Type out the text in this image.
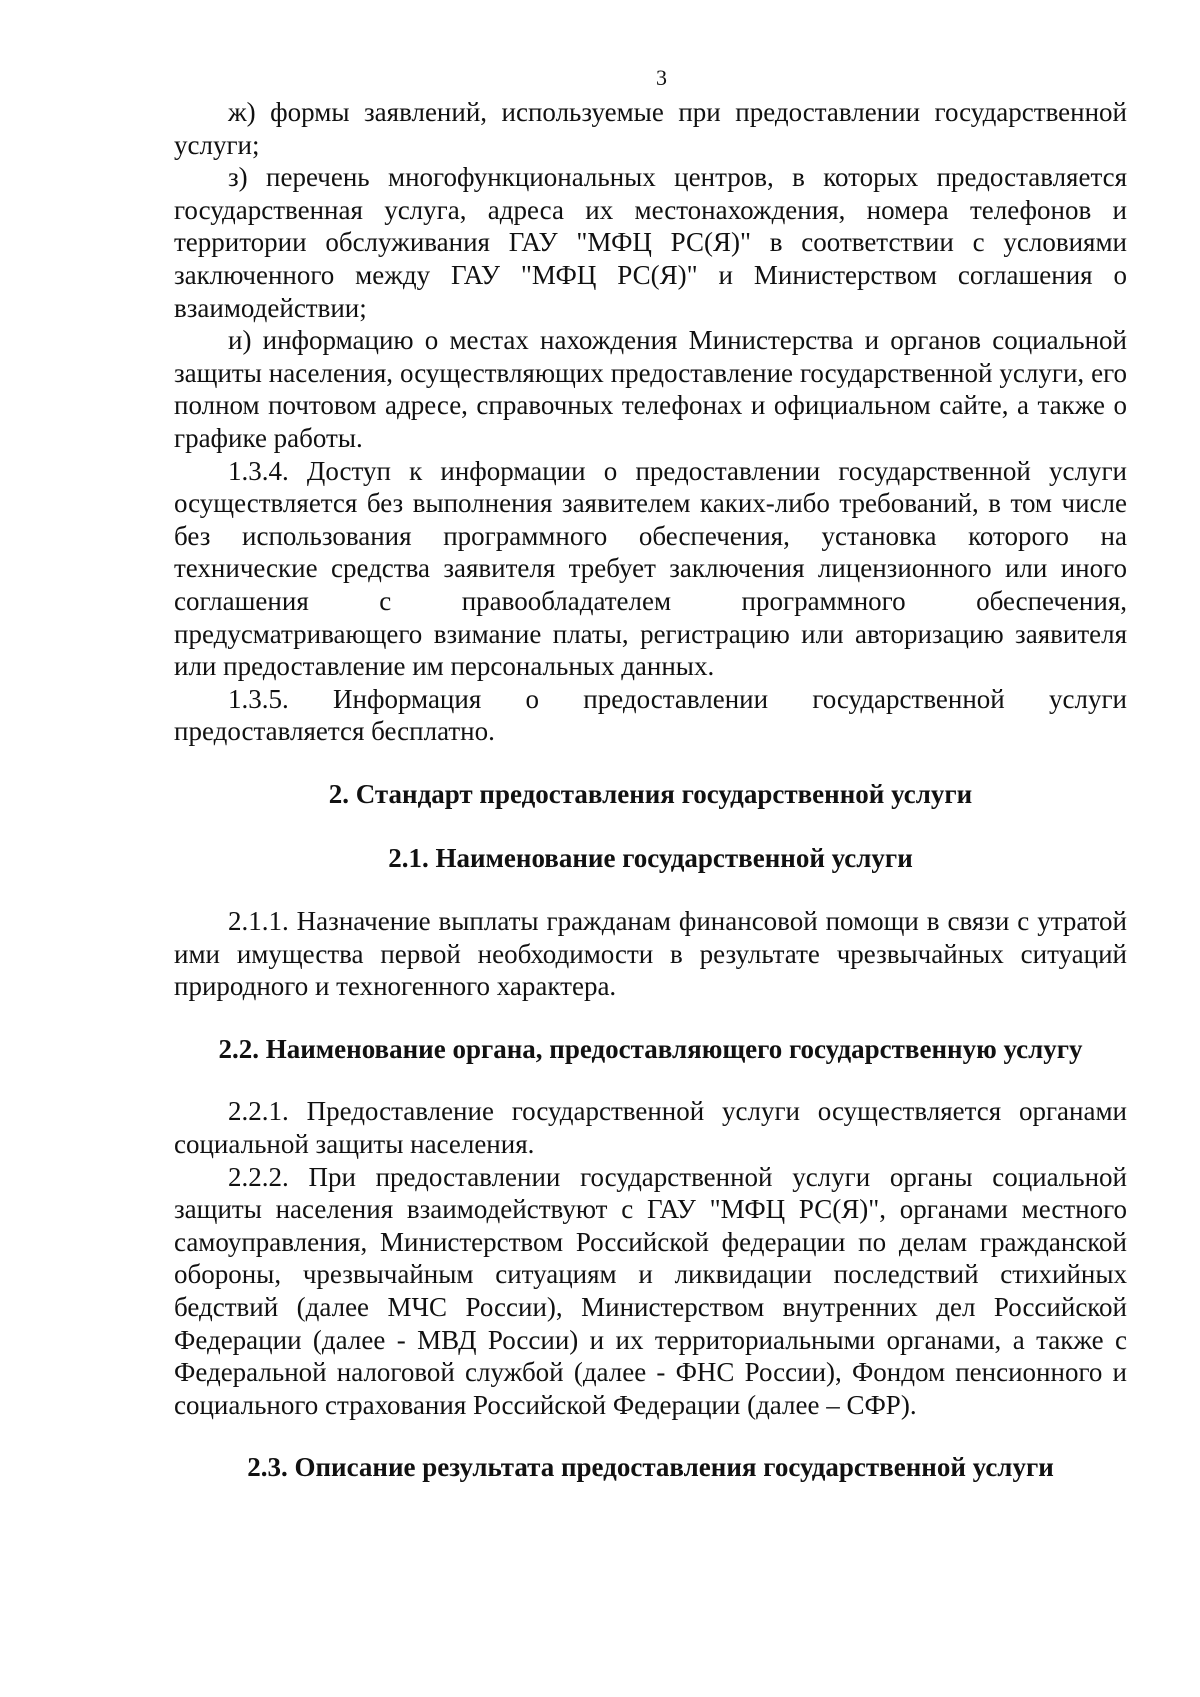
3

ж) формы заявлений, используемые при предоставлении государственной услуги;

з) перечень многофункциональных центров, в которых предоставляется государственная услуга, адреса их местонахождения, номера телефонов и территории обслуживания ГАУ "МФЦ РС(Я)" в соответствии с условиями заключенного между ГАУ "МФЦ РС(Я)" и Министерством соглашения о взаимодействии;

и) информацию о местах нахождения Министерства и органов социальной защиты населения, осуществляющих предоставление государственной услуги, его полном почтовом адресе, справочных телефонах и официальном сайте, а также о графике работы.

1.3.4. Доступ к информации о предоставлении государственной услуги осуществляется без выполнения заявителем каких-либо требований, в том числе без использования программного обеспечения, установка которого на технические средства заявителя требует заключения лицензионного или иного соглашения с правообладателем программного обеспечения, предусматривающего взимание платы, регистрацию или авторизацию заявителя или предоставление им персональных данных.

1.3.5. Информация о предоставлении государственной услуги предоставляется бесплатно.

2. Стандарт предоставления государственной услуги
2.1. Наименование государственной услуги

2.1.1. Назначение выплаты гражданам финансовой помощи в связи с утратой ими имущества первой необходимости в результате чрезвычайных ситуаций природного и техногенного характера.

2.2. Наименование органа, предоставляющего государственную услугу

2.2.1. Предоставление государственной услуги осуществляется органами социальной защиты населения.

2.2.2. При предоставлении государственной услуги органы социальной защиты населения взаимодействуют с ГАУ "МФЦ РС(Я)", органами местного самоуправления, Министерством Российской федерации по делам гражданской обороны, чрезвычайным ситуациям и ликвидации последствий стихийных бедствий (далее МЧС России), Министерством внутренних дел Российской Федерации (далее - МВД России) и их территориальными органами, а также с Федеральной налоговой службой (далее - ФНС России), Фондом пенсионного и социального страхования Российской Федерации (далее – СФР).

2.3. Описание результата предоставления государственной услуги
